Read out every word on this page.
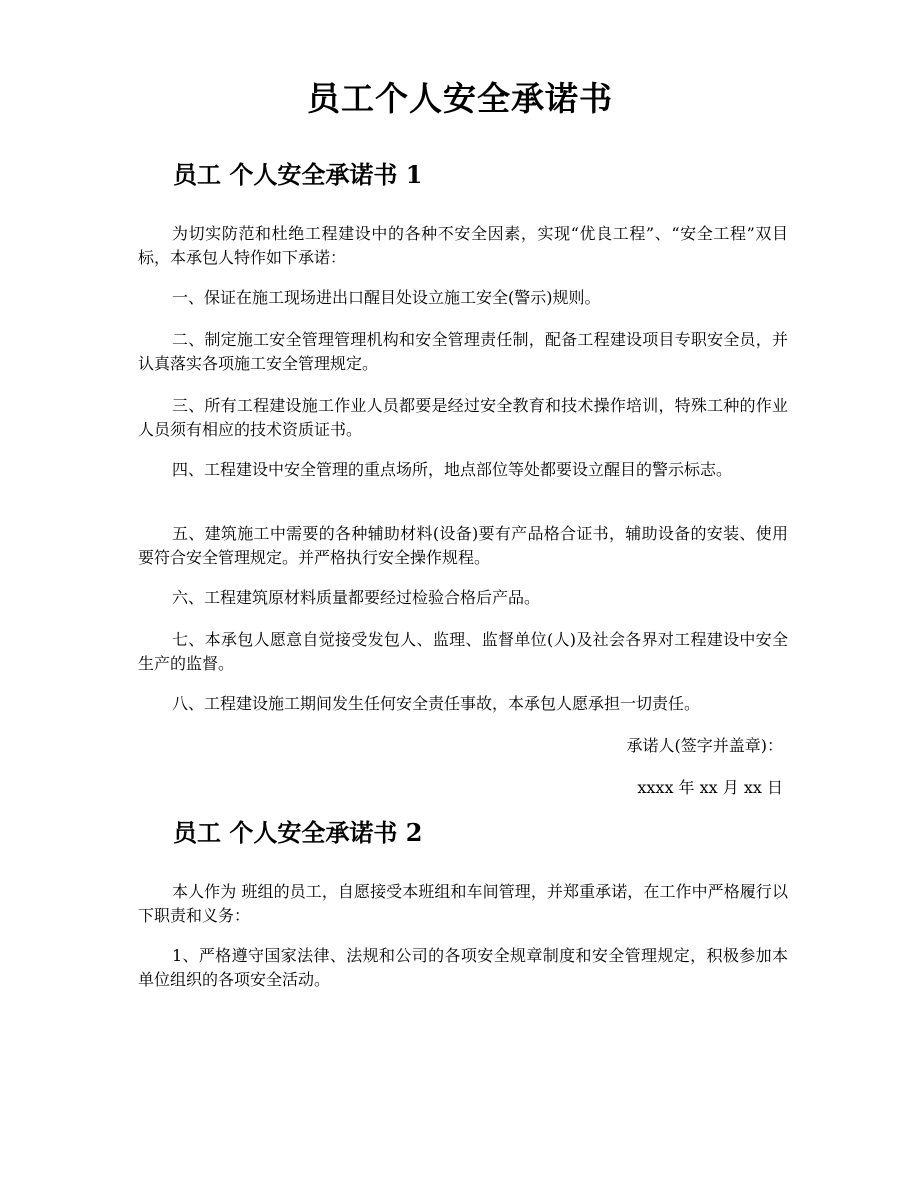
员工个人安全承诺书
员工 个人安全承诺书 1

为切实防范和杜绝工程建设中的各种不安全因素，实现“优良工程”、“安全工程”双目标，本承包人特作如下承诺：

一、保证在施工现场进出口醒目处设立施工安全(警示)规则。

二、制定施工安全管理管理机构和安全管理责任制，配备工程建设项目专职安全员，并认真落实各项施工安全管理规定。

三、所有工程建设施工作业人员都要是经过安全教育和技术操作培训，特殊工种的作业人员须有相应的技术资质证书。

四、工程建设中安全管理的重点场所，地点部位等处都要设立醒目的警示标志。

五、建筑施工中需要的各种辅助材料(设备)要有产品格合证书，辅助设备的安装、使用要符合安全管理规定。并严格执行安全操作规程。

六、工程建筑原材料质量都要经过检验合格后产品。

七、本承包人愿意自觉接受发包人、监理、监督单位(人)及社会各界对工程建设中安全生产的监督。

八、工程建设施工期间发生任何安全责任事故，本承包人愿承担一切责任。

承诺人(签字并盖章)：
xxxx 年 xx 月 xx 日
员工 个人安全承诺书 2

本人作为 班组的员工，自愿接受本班组和车间管理，并郑重承诺，在工作中严格履行以下职责和义务：

1、严格遵守国家法律、法规和公司的各项安全规章制度和安全管理规定，积极参加本单位组织的各项安全活动。
